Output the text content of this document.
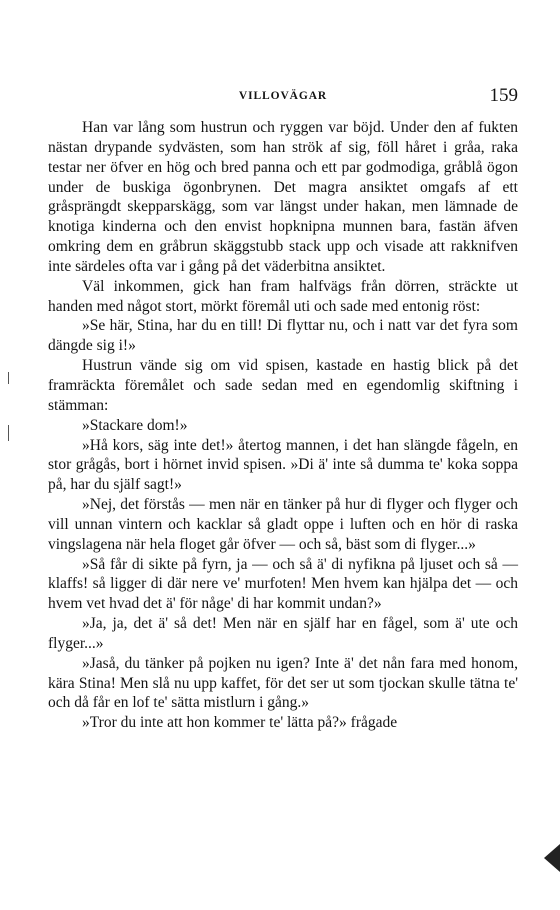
VILLOVÄGAR	159

Han var lång som hustrun och ryggen var böjd. Under den af fukten nästan drypande sydvästen, som han strök af sig, föll håret i gråa, raka testar ner öfver en hög och bred panna och ett par godmodiga, gråblå ögon under de buskiga ögonbrynen. Det magra ansiktet omgafs af ett gråsprängdt skepparskägg, som var längst under hakan, men lämnade de knotiga kinderna och den envist hopknipna munnen bara, fastän äfven omkring dem en gråbrun skäggstubb stack upp och visade att rakknifven inte särdeles ofta var i gång på det väderbitna ansiktet.

Väl inkommen, gick han fram halfvägs från dörren, sträckte ut handen med något stort, mörkt föremål uti och sade med entonig röst:

»Se här, Stina, har du en till! Di flyttar nu, och i natt var det fyra som dängde sig i!»

Hustrun vände sig om vid spisen, kastade en hastig blick på det framräckta föremålet och sade sedan med en egendomlig skiftning i stämman:

»Stackare dom!»

»Hå kors, säg inte det!» återtog mannen, i det han slängde fågeln, en stor grågås, bort i hörnet invid spisen. »Di ä' inte så dumma te' koka soppa på, har du själf sagt!»

»Nej, det förstås — men när en tänker på hur di flyger och flyger och vill unnan vintern och kacklar så gladt oppe i luften och en hör di raska vingslagena när hela floget går öfver — och så, bäst som di flyger...»

»Så får di sikte på fyrn, ja — och så ä' di nyfikna på ljuset och så — klaffs! så ligger di där nere ve' murfoten! Men hvem kan hjälpa det — och hvem vet hvad det ä' för någe' di har kommit undan?»

»Ja, ja, det ä' så det! Men när en själf har en fågel, som ä' ute och flyger...»

»Jaså, du tänker på pojken nu igen? Inte ä' det nån fara med honom, kära Stina! Men slå nu upp kaffet, för det ser ut som tjockan skulle tätna te' och då får en lof te' sätta mistlurn i gång.»

»Tror du inte att hon kommer te' lätta på?» frågade
